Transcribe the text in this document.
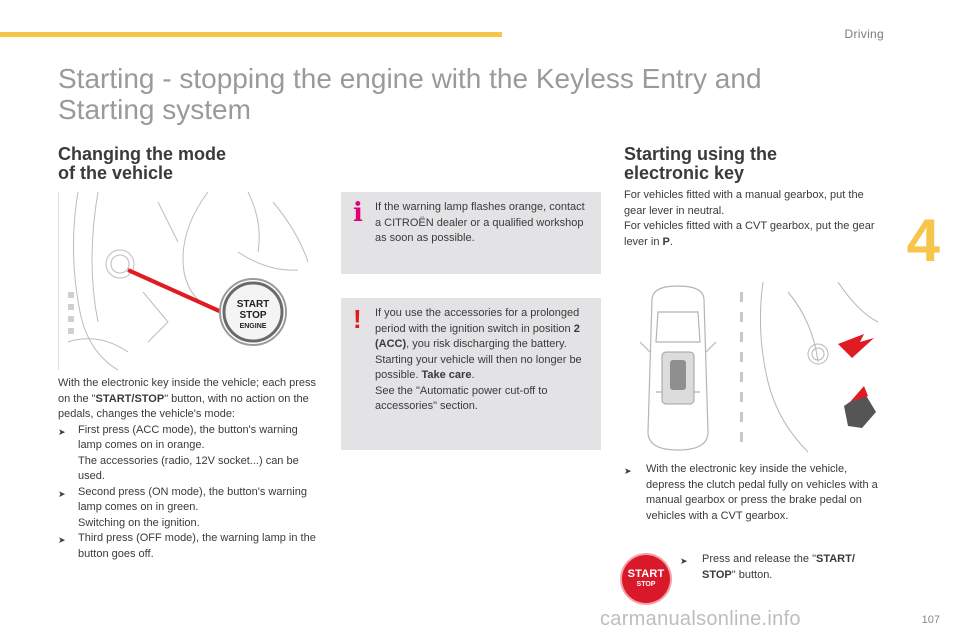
Driving
4
Starting - stopping the engine with the Keyless Entry and Starting system
Changing the mode
of the vehicle
START
STOP
ENGINE
With the electronic key inside the vehicle; each press on the "START/STOP" button, with no action on the pedals, changes the vehicle's mode:
➤	First press (ACC mode), the button's warning lamp comes on in orange.
The accessories (radio, 12V socket...) can be used.
➤	Second press (ON mode), the button's warning lamp comes on in green.
Switching on the ignition.
➤	Third press (OFF mode), the warning lamp in the button goes off.
i If the warning lamp flashes orange, contact a CITROËN dealer or a qualified workshop as soon as possible.
! If you use the accessories for a prolonged period with the ignition switch in position 2 (ACC), you risk discharging the battery. Starting your vehicle will then no longer be possible. Take care.
See the "Automatic power cut-off to accessories" section.
Starting using the
electronic key
For vehicles fitted with a manual gearbox, put the gear lever in neutral.
For vehicles fitted with a CVT gearbox, put the gear lever in P.
➤	With the electronic key inside the vehicle, depress the clutch pedal fully on vehicles with a manual gearbox or press the brake pedal on vehicles with a CVT gearbox.
START
STOP
➤	Press and release the "START/ STOP" button.
carmanualsonline.info	107
